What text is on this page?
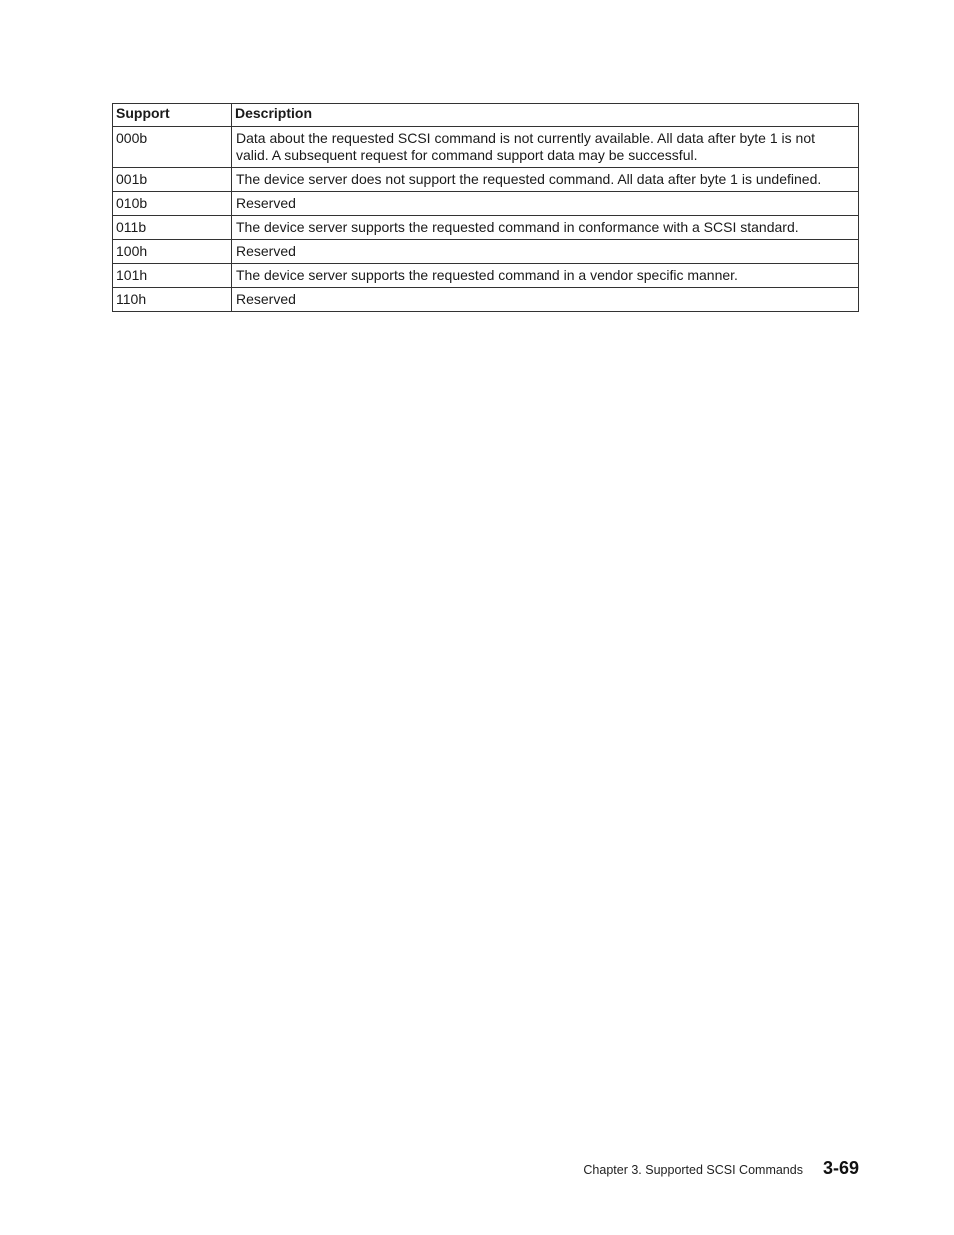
Support	Description
000b	Data about the requested SCSI command is not currently available. All data after byte 1 is not valid. A subsequent request for command support data may be successful.
001b	The device server does not support the requested command. All data after byte 1 is undefined.
010b	Reserved
011b	The device server supports the requested command in conformance with a SCSI standard.
100h	Reserved
101h	The device server supports the requested command in a vendor specific manner.
110h	Reserved
Chapter 3. Supported SCSI Commands 3-69
